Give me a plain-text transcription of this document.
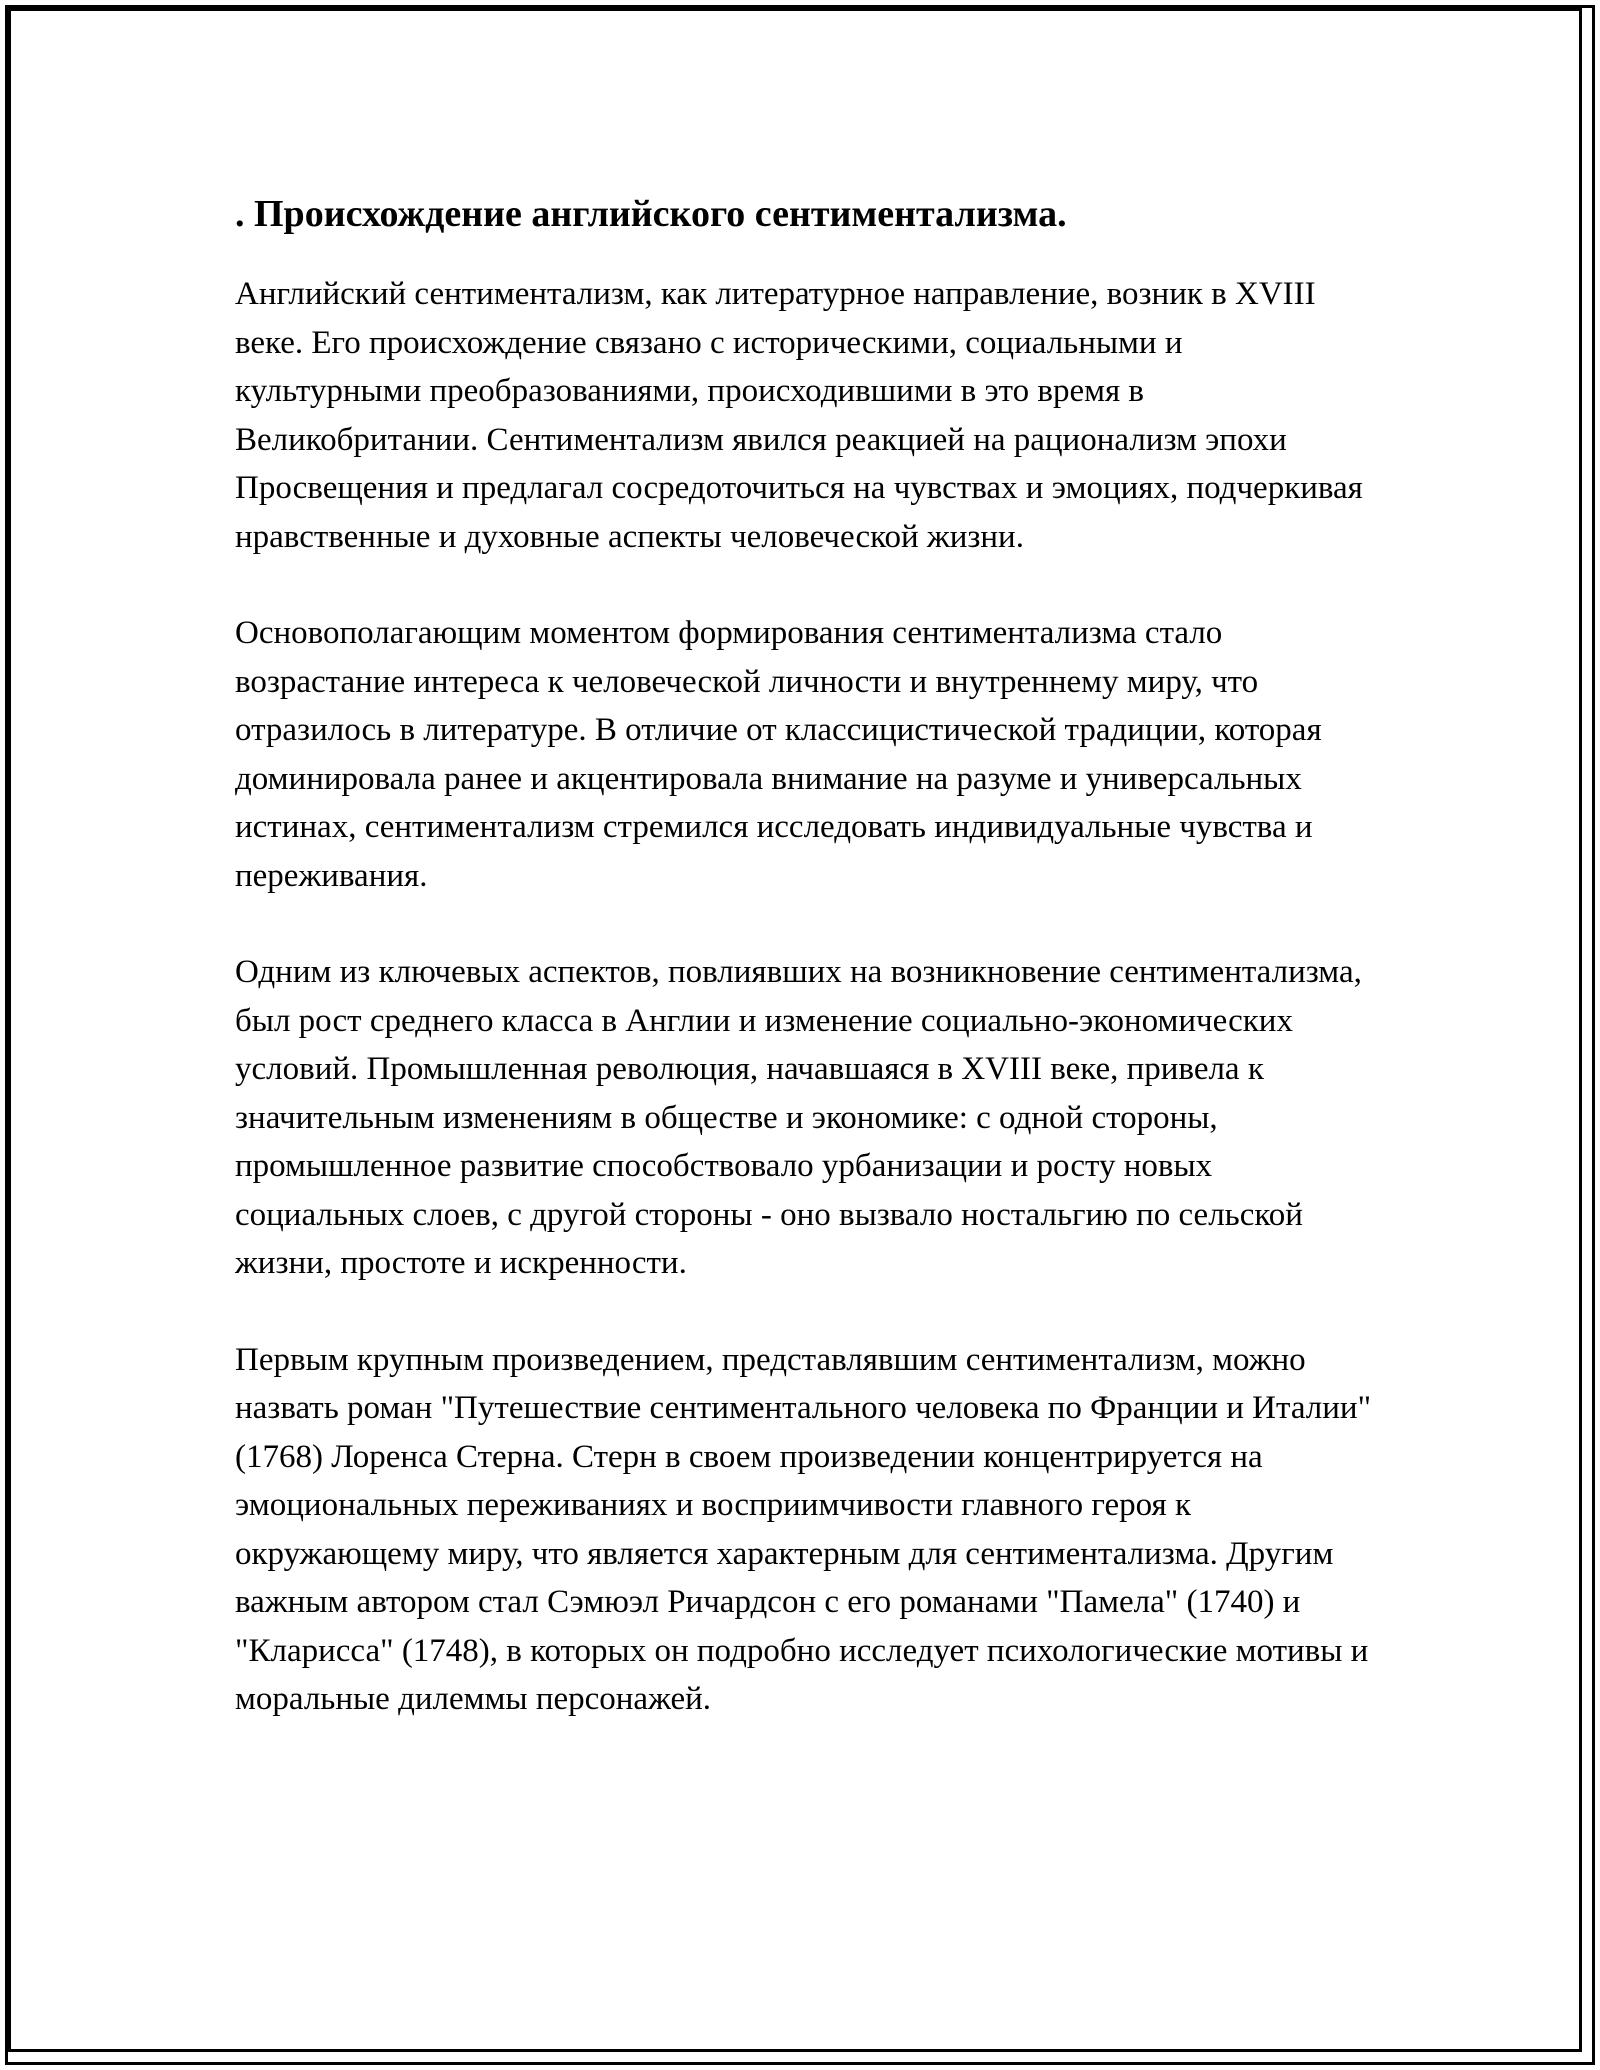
. Происхождение английского сентиментализма.

Английский сентиментализм, как литературное направление, возник в XVIII веке. Его происхождение связано с историческими, социальными и культурными преобразованиями, происходившими в это время в Великобритании. Сентиментализм явился реакцией на рационализм эпохи Просвещения и предлагал сосредоточиться на чувствах и эмоциях, подчеркивая нравственные и духовные аспекты человеческой жизни.

Основополагающим моментом формирования сентиментализма стало возрастание интереса к человеческой личности и внутреннему миру, что отразилось в литературе. В отличие от классицистической традиции, которая доминировала ранее и акцентировала внимание на разуме и универсальных истинах, сентиментализм стремился исследовать индивидуальные чувства и переживания.

Одним из ключевых аспектов, повлиявших на возникновение сентиментализма, был рост среднего класса в Англии и изменение социально-экономических условий. Промышленная революция, начавшаяся в XVIII веке, привела к значительным изменениям в обществе и экономике: с одной стороны, промышленное развитие способствовало урбанизации и росту новых социальных слоев, с другой стороны - оно вызвало ностальгию по сельской жизни, простоте и искренности.

Первым крупным произведением, представлявшим сентиментализм, можно назвать роман "Путешествие сентиментального человека по Франции и Италии" (1768) Лоренса Стерна. Стерн в своем произведении концентрируется на эмоциональных переживаниях и восприимчивости главного героя к окружающему миру, что является характерным для сентиментализма. Другим важным автором стал Сэмюэл Ричардсон с его романами "Памела" (1740) и "Кларисса" (1748), в которых он подробно исследует психологические мотивы и моральные дилеммы персонажей.
